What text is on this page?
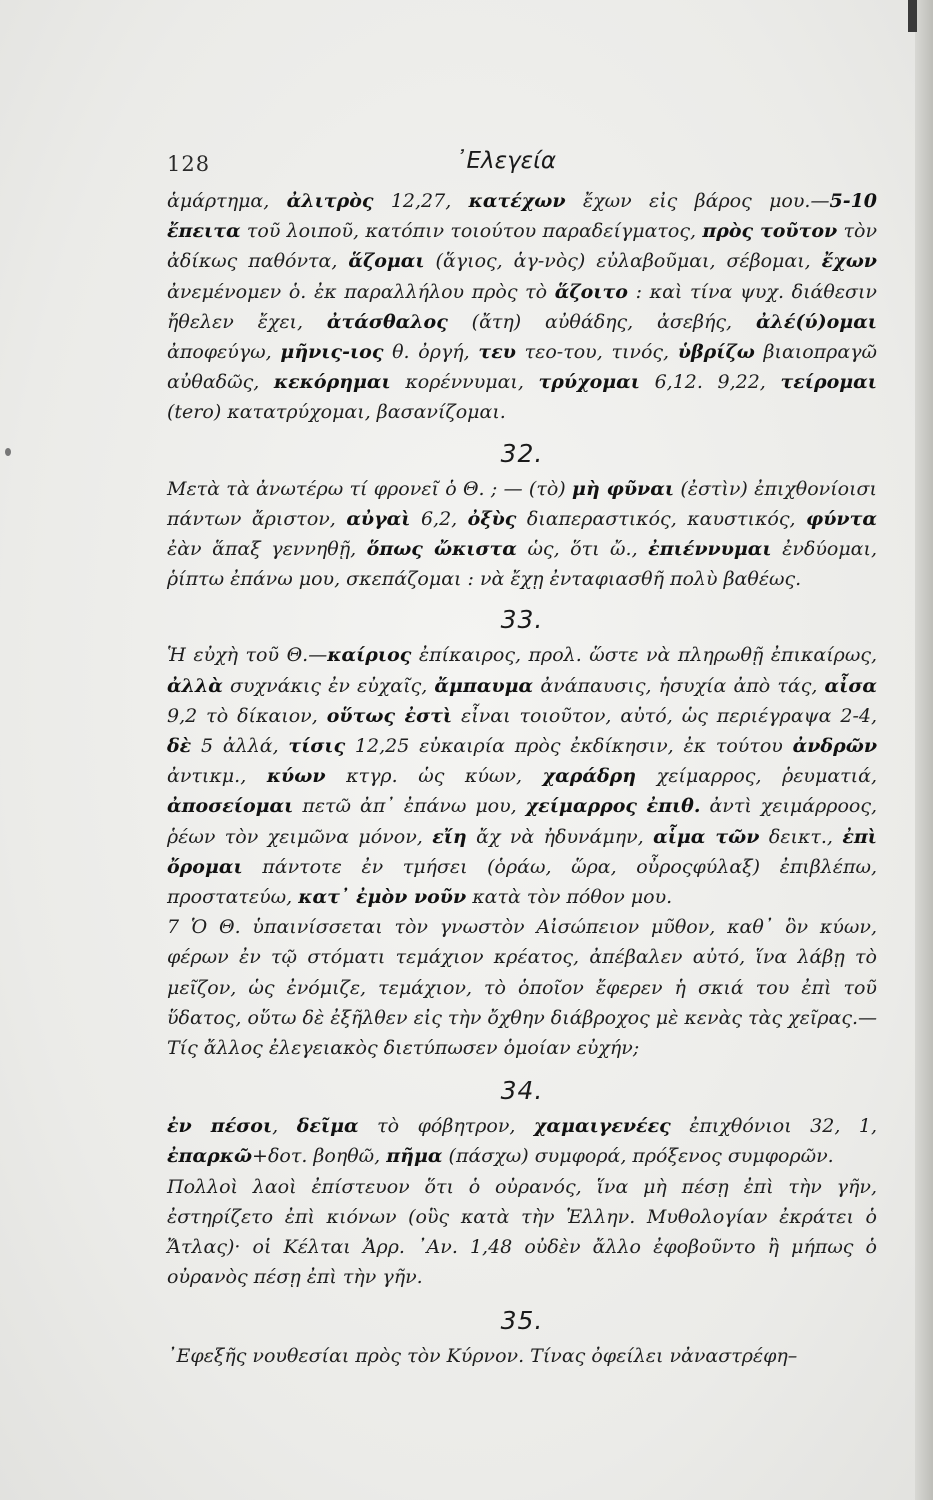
128	᾿Ελεγεία

ἁμάρτημα, ἀλιτρὸς 12,27, κατέχων ἔχων εἰς βάρος μου.—5-10 ἔπειτα τοῦ λοιποῦ, κατόπιν τοιούτου παραδείγματος, πρὸς τοῦτον τὸν ἀδίκως παθόντα, ἅζομαι (ἅγιος, ἁγ-νὸς) εὐλαβοῦμαι, σέβομαι, ἔχων ἀνεμένομεν ὁ. ἐκ παραλλήλου πρὸς τὸ ἅζοιτο : καὶ τίνα ψυχ. διάθεσιν ἤθελεν ἔχει, ἀτάσθαλος (ἄτη) αὐθάδης, ἀσεβής, ἀλέ(ύ)ομαι ἀποφεύγω, μῆνις-ιος θ. ὀργή, τευ τεο-του, τινός, ὑβρίζω βιαιοπραγῶ αὐθαδῶς, κεκόρημαι κορέννυμαι, τρύχομαι 6,12. 9,22, τείρομαι (tero) κατατρύχομαι, βασανίζομαι.

32.

Μετὰ τὰ ἀνωτέρω τί φρονεῖ ὁ Θ. ; — (τὸ) μὴ φῦναι (ἐστὶν) ἐπιχθονίοισι πάντων ἄριστον, αὐγαὶ 6,2, ὀξὺς διαπεραστικός, καυστικός, φύντα ἐὰν ἅπαξ γεννηθῇ, ὅπως ὤκιστα ὡς, ὅτι ὤ., ἐπιέννυμαι ἐνδύομαι, ῥίπτω ἐπάνω μου, σκεπάζομαι : νὰ ἔχῃ ἐνταφιασθῆ πολὺ βαθέως.

33.

Ἡ εὐχὴ τοῦ Θ.—καίριος ἐπίκαιρος, προλ. ὥστε νὰ πληρωθῇ ἐπικαίρως, ἀλλὰ συχνάκις ἐν εὐχαῖς, ἄμπαυμα ἀνάπαυσις, ἡσυχία ἀπὸ τάς, αἶσα 9,2 τὸ δίκαιον, οὕτως ἐστὶ εἶναι τοιοῦτον, αὐτό, ὡς περιέγραψα 2-4, δὲ 5 ἀλλά, τίσις 12,25 εὐκαιρία πρὸς ἐκδίκησιν, ἐκ τούτου ἀνδρῶν ἀντικμ., κύων κτγρ. ὡς κύων, χαράδρη χείμαρρος, ῥευματιά, ἀποσείομαι πετῶ ἀπ᾿ ἐπάνω μου, χείμαρρος ἐπιθ. ἀντὶ χειμάρροος, ῥέων τὸν χειμῶνα μόνον, εἴη ἄχ νὰ ἠδυνάμην, αἷμα τῶν δεικτ., ἐπὶ ὄρομαι πάντοτε ἐν τμήσει (ὁράω, ὥρα, οὖροςφύλαξ) ἐπιβλέπω, προστατεύω, κατ᾿ ἐμὸν νοῦν κατὰ τὸν πόθον μου.

7 Ὁ Θ. ὑπαινίσσεται τὸν γνωστὸν Αἰσώπειον μῦθον, καθ᾿ ὃν κύων, φέρων ἐν τῷ στόματι τεμάχιον κρέατος, ἀπέβαλεν αὐτό, ἵνα λάβῃ τὸ μεῖζον, ὡς ἐνόμιζε, τεμάχιον, τὸ ὁποῖον ἔφερεν ἡ σκιά του ἐπὶ τοῦ ὕδατος, οὕτω δὲ ἐξῆλθεν εἰς τὴν ὄχθην διάβροχος μὲ κενὰς τὰς χεῖρας.—Τίς ἄλλος ἐλεγειακὸς διετύπωσεν ὁμοίαν εὐχήν;

34.

ἐν πέσοι, δεῖμα τὸ φόβητρον, χαμαιγενέες ἐπιχθόνιοι 32, 1, ἐπαρκῶ+δοτ. βοηθῶ, πῆμα (πάσχω) συμφορά, πρόξενος συμφορῶν.

Πολλοὶ λαοὶ ἐπίστευον ὅτι ὁ οὐρανός, ἵνα μὴ πέσῃ ἐπὶ τὴν γῆν, ἐστηρίζετο ἐπὶ κιόνων (οὓς κατὰ τὴν Ἑλλην. Μυθολογίαν ἐκράτει ὁ Ἄτλας)· οἱ Κέλται Ἀρρ. ᾿Αν. 1,48 οὐδὲν ἄλλο ἐφοβοῦντο ἢ μήπως ὁ οὐρανὸς πέσῃ ἐπὶ τὴν γῆν.

35.

᾿Εφεξῆς νουθεσίαι πρὸς τὸν Κύρνον. Τίνας ὀφείλει νἀναστρέφη–
